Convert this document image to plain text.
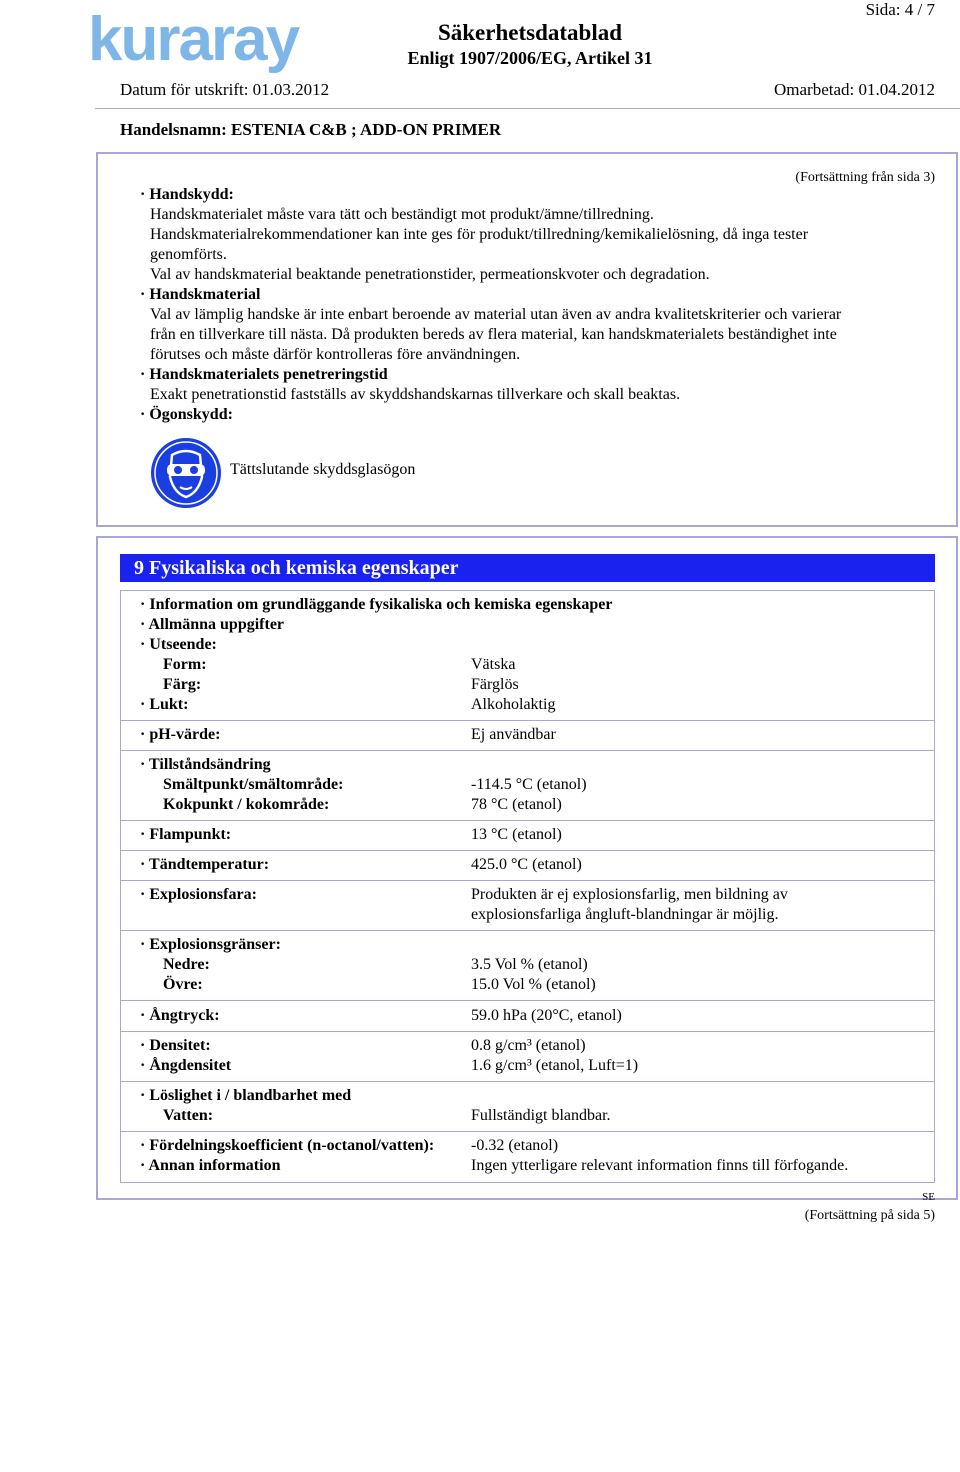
kuraray	Sida: 4 / 7
Säkerhetsdatablad
Enligt 1907/2006/EG, Artikel 31
Datum för utskrift: 01.03.2012	Omarbetad: 01.04.2012
Handelsnamn: ESTENIA C&B ; ADD-ON PRIMER
(Fortsättning från sida 3)
· Handskydd:
Handskmaterialet måste vara tätt och beständigt mot produkt/ämne/tillredning.
Handskmaterialrekommendationer kan inte ges för produkt/tillredning/kemikalielösning, då inga tester
genomförts.
Val av handskmaterial beaktande penetrationstider, permeationskvoter och degradation.
· Handskmaterial
Val av lämplig handske är inte enbart beroende av material utan även av andra kvalitetskriterier och varierar
från en tillverkare till nästa. Då produkten bereds av flera material, kan handskmaterialets beständighet inte
förutses och måste därför kontrolleras före användningen.
· Handskmaterialets penetreringstid
Exakt penetrationstid fastställs av skyddshandskarnas tillverkare och skall beaktas.
· Ögonskydd:
Tättslutande skyddsglasögon
9 Fysikaliska och kemiska egenskaper
· Information om grundläggande fysikaliska och kemiska egenskaper
· Allmänna uppgifter
· Utseende:
Form:	Vätska
Färg:	Färglös
· Lukt:	Alkoholaktig
· pH-värde:	Ej användbar
· Tillståndsändring
Smältpunkt/smältområde:	-114.5 °C (etanol)
Kokpunkt / kokområde:	78 °C (etanol)
· Flampunkt:	13 °C (etanol)
· Tändtemperatur:	425.0 °C (etanol)
· Explosionsfara:	Produkten är ej explosionsfarlig, men bildning av
explosionsfarliga ångluft-blandningar är möjlig.
· Explosionsgränser:
Nedre:	3.5 Vol % (etanol)
Övre:	15.0 Vol % (etanol)
· Ångtryck:	59.0 hPa (20°C, etanol)
· Densitet:	0.8 g/cm³ (etanol)
· Ångdensitet	1.6 g/cm³ (etanol, Luft=1)
· Löslighet i / blandbarhet med
Vatten:	Fullständigt blandbar.
· Fördelningskoefficient (n-octanol/vatten): -0.32 (etanol)
· Annan information	Ingen ytterligare relevant information finns till förfogande.
SE
(Fortsättning på sida 5)
